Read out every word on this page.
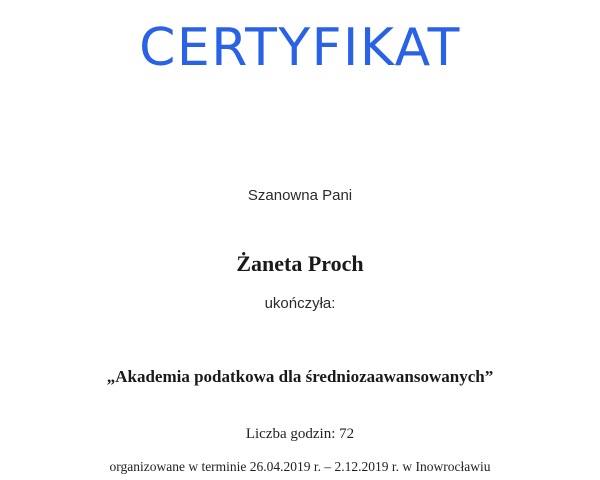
CERTYFIKAT
Szanowna Pani
Żaneta Proch
ukończyła:
„Akademia podatkowa dla średniozaawansowanych”
Liczba godzin: 72
organizowane w terminie 26.04.2019 r. – 2.12.2019 r. w Inowrocławiu
